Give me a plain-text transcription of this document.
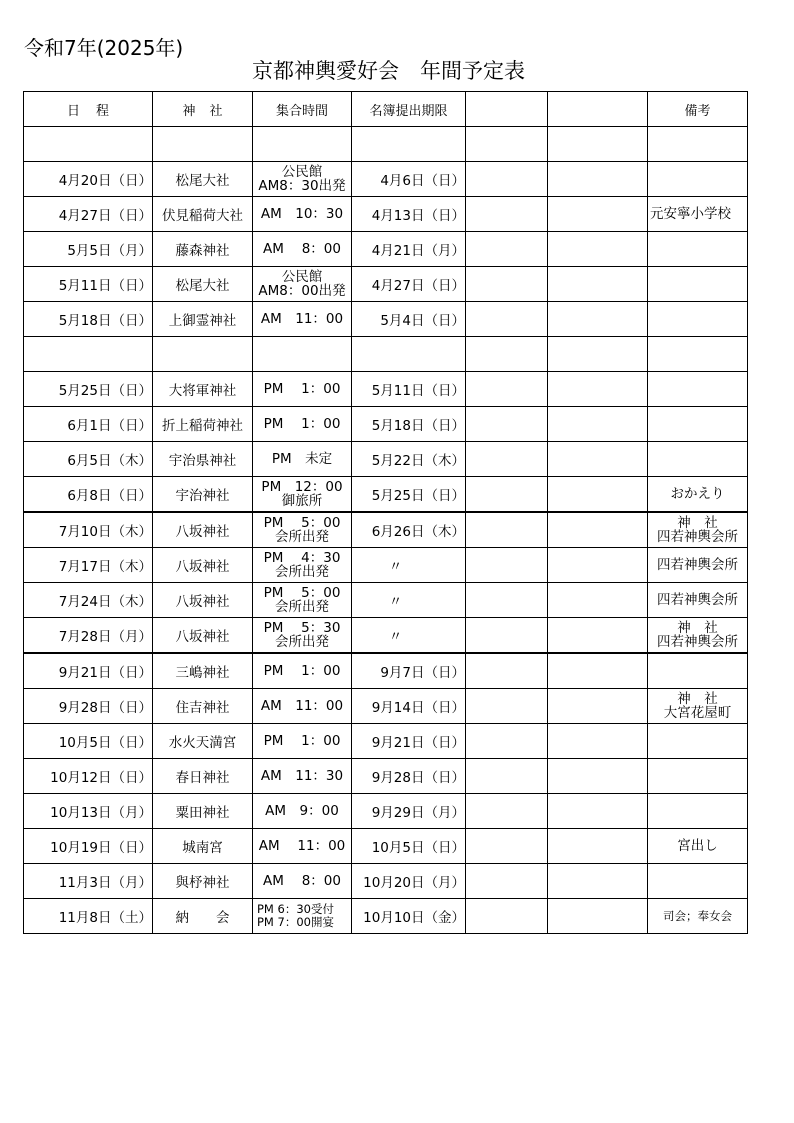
令和7年(2025年)
京都神輿愛好会　年間予定表
日程	神社	集合時間	名簿提出期限			備考

4月20日（日）	松尾大社	公民館
AM8：30出発	4月6日（日）			

4月27日（日）	伏見稲荷大社	AM　10：30	4月13日（日）			元安寧小学校

5月5日（月）	藤森神社	AM　 8：00	4月21日（月）			

5月11日（日）	松尾大社	公民館
AM8：00出発	4月27日（日）			

5月18日（日）	上御霊神社	AM　11：00	5月4日（日）			

5月25日（日）	大将軍神社	PM　 1：00	5月11日（日）			

6月1日（日）	折上稲荷神社	PM　 1：00	5月18日（日）			

6月5日（木）	宇治県神社	PM　未定	5月22日（木）			

6月8日（日）	宇治神社	PM　12：00
御旅所	5月25日（日）			おかえり

7月10日（木）	八坂神社	PM　 5：00
会所出発	6月26日（木）			神　社
四若神輿会所

7月17日（木）	八坂神社	PM　 4：30
会所出発	〃			四若神輿会所

7月24日（木）	八坂神社	PM　 5：00
会所出発	〃			四若神輿会所

7月28日（月）	八坂神社	PM　 5：30
会所出発	〃			神　社
四若神輿会所

9月21日（日）	三嶋神社	PM　 1：00	9月7日（日）			

9月28日（日）	住吉神社	AM　11：00	9月14日（日）			神　社
大宮花屋町

10月5日（日）	水火天満宮	PM　 1：00	9月21日（日）			

10月12日（日）	春日神社	AM　11：30	9月28日（日）			

10月13日（月）	粟田神社	AM　9：00	9月29日（月）			

10月19日（日）	城南宮	AM　 11：00	10月5日（日）			宮出し

11月3日（月）	與杼神社	AM　 8：00	10月20日（月）			

11月8日（土）	納　　会	PM 6：30受付
PM 7：00開宴	10月10日（金）			司会；奉女会
